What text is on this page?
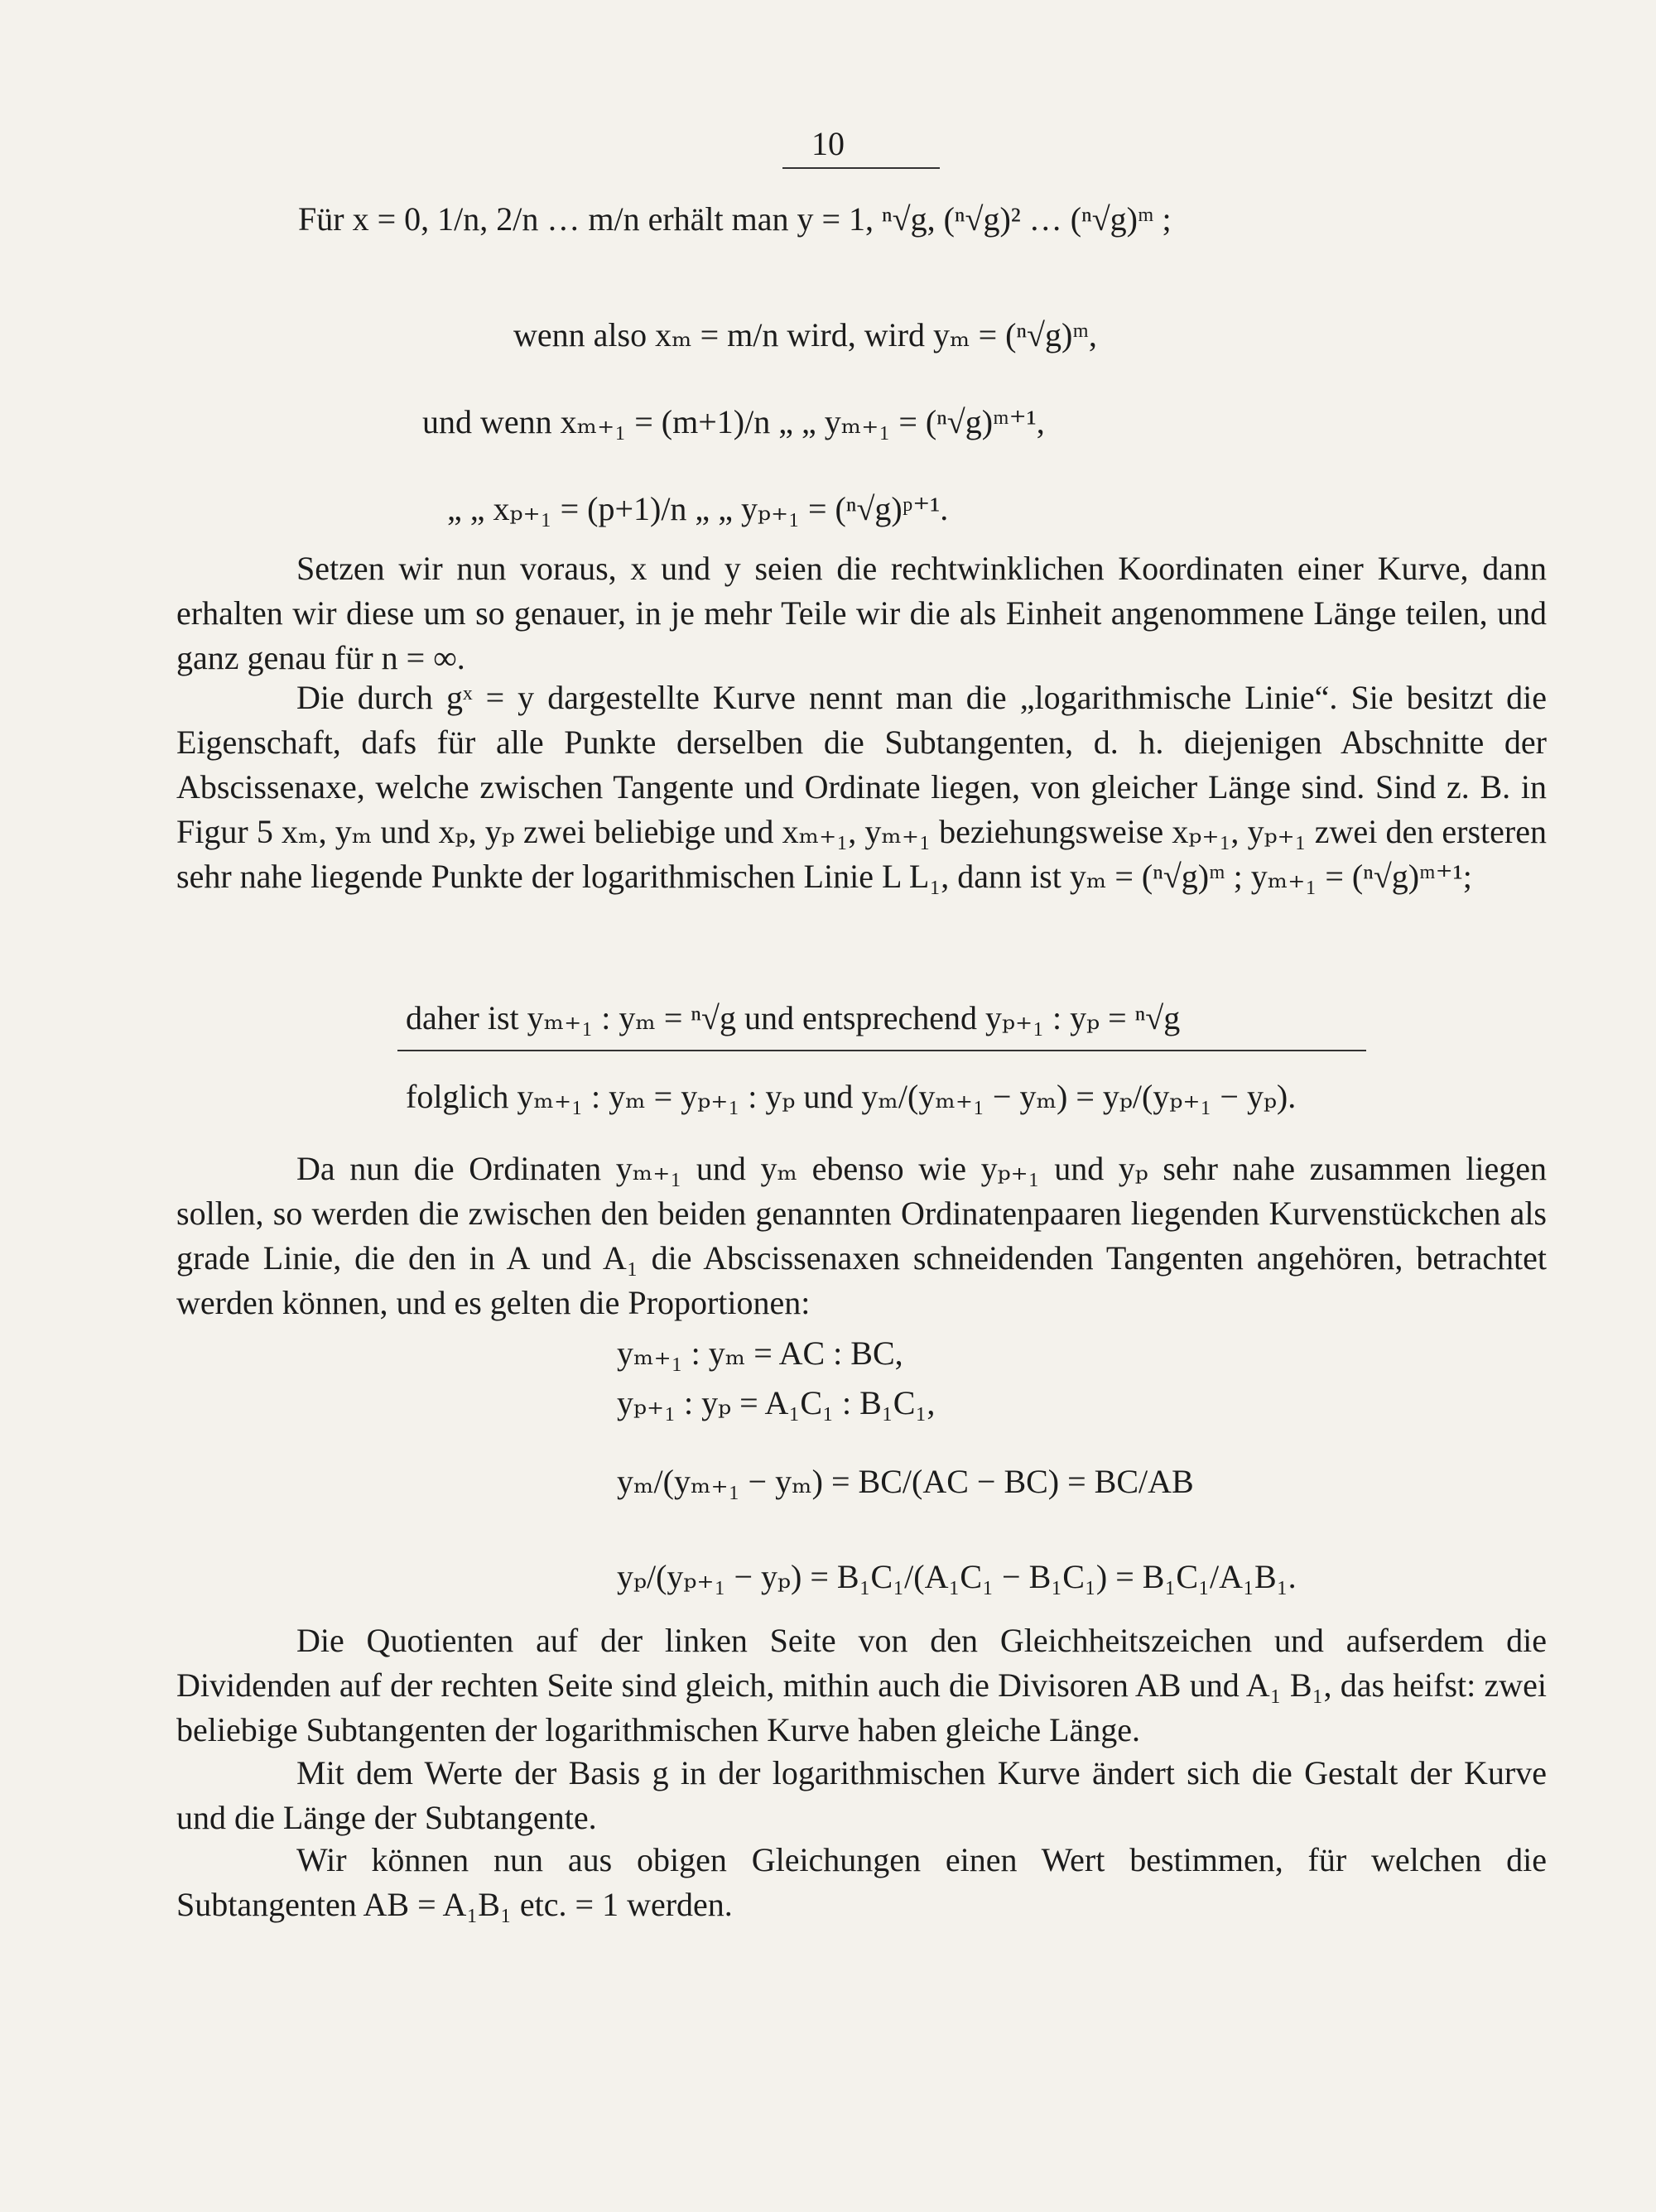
10
Für x = 0, 1/n, 2/n … m/n erhält man y = 1, ⁿ√g, (ⁿ√g)² … (ⁿ√g)ᵐ ;
wenn also xₘ = m/n wird, wird yₘ = (ⁿ√g)ᵐ,
und wenn xₘ₊₁ = (m+1)/n „ „ yₘ₊₁ = (ⁿ√g)ᵐ⁺¹,
„ „ xₚ₊₁ = (p+1)/n „ „ yₚ₊₁ = (ⁿ√g)ᵖ⁺¹.
Setzen wir nun voraus, x und y seien die rechtwinklichen Koordinaten einer Kurve, dann erhalten wir diese um so genauer, in je mehr Teile wir die als Einheit angenommene Länge teilen, und ganz genau für n = ∞.
Die durch gˣ = y dargestellte Kurve nennt man die „logarithmische Linie“. Sie besitzt die Eigenschaft, dafs für alle Punkte derselben die Subtangenten, d. h. diejenigen Abschnitte der Abscissenaxe, welche zwischen Tangente und Ordinate liegen, von gleicher Länge sind. Sind z. B. in Figur 5 xₘ, yₘ und xₚ, yₚ zwei beliebige und xₘ₊₁, yₘ₊₁ beziehungsweise xₚ₊₁, yₚ₊₁ zwei den ersteren sehr nahe liegende Punkte der logarithmischen Linie L L₁, dann ist yₘ = (ⁿ√g)ᵐ ; yₘ₊₁ = (ⁿ√g)ᵐ⁺¹;
daher ist yₘ₊₁ : yₘ = ⁿ√g und entsprechend yₚ₊₁ : yₚ = ⁿ√g
folglich yₘ₊₁ : yₘ = yₚ₊₁ : yₚ und yₘ/(yₘ₊₁ − yₘ) = yₚ/(yₚ₊₁ − yₚ).
Da nun die Ordinaten yₘ₊₁ und yₘ ebenso wie yₚ₊₁ und yₚ sehr nahe zusammen liegen sollen, so werden die zwischen den beiden genannten Ordinatenpaaren liegenden Kurvenstückchen als grade Linie, die den in A und A₁ die Abscissenaxen schneidenden Tangenten angehören, betrachtet werden können, und es gelten die Proportionen:
yₘ₊₁ : yₘ = AC : BC,
yₚ₊₁ : yₚ = A₁C₁ : B₁C₁,
yₘ/(yₘ₊₁ − yₘ) = BC/(AC − BC) = BC/AB
yₚ/(yₚ₊₁ − yₚ) = B₁C₁/(A₁C₁ − B₁C₁) = B₁C₁/A₁B₁.
Die Quotienten auf der linken Seite von den Gleichheitszeichen und aufserdem die Dividenden auf der rechten Seite sind gleich, mithin auch die Divisoren AB und A₁ B₁, das heifst: zwei beliebige Subtangenten der logarithmischen Kurve haben gleiche Länge.
Mit dem Werte der Basis g in der logarithmischen Kurve ändert sich die Gestalt der Kurve und die Länge der Subtangente.
Wir können nun aus obigen Gleichungen einen Wert bestimmen, für welchen die Subtangenten AB = A₁B₁ etc. = 1 werden.
